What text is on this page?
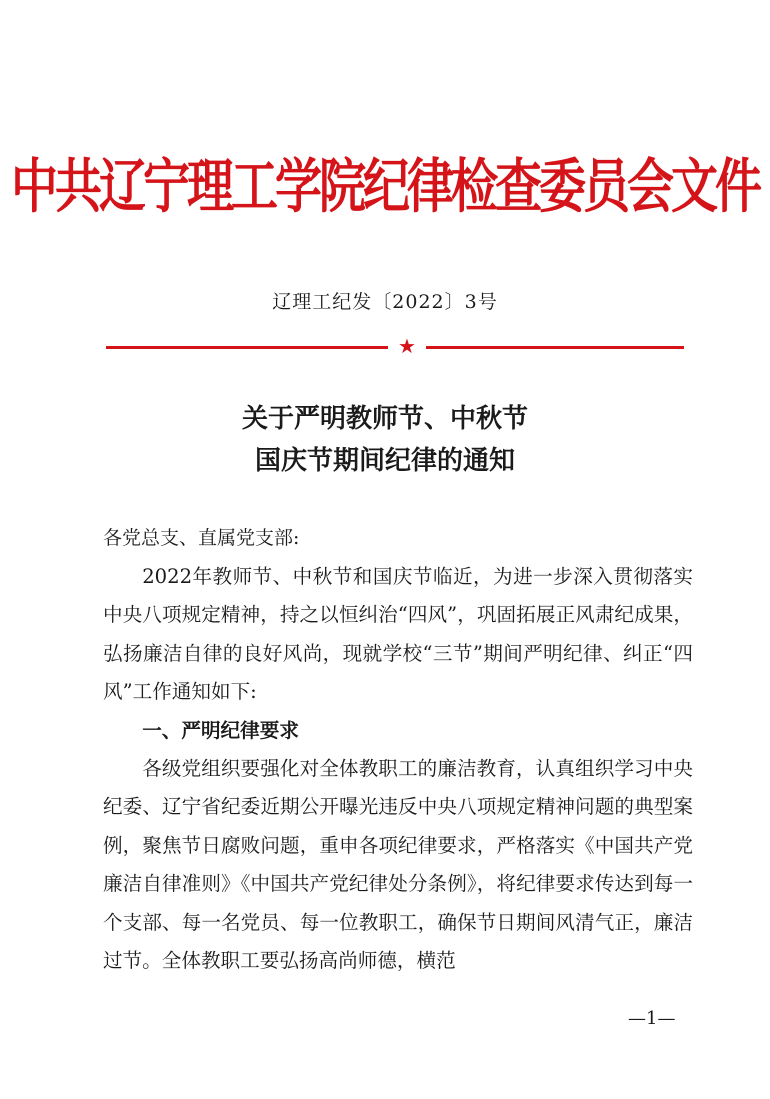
中共辽宁理工学院纪律检查委员会文件
辽理工纪发〔2022〕3号
★
关于严明教师节、中秋节
国庆节期间纪律的通知
各党总支、直属党支部:

2022年教师节、中秋节和国庆节临近，为进一步深入贯彻落实中央八项规定精神，持之以恒纠治“四风”，巩固拓展正风肃纪成果，弘扬廉洁自律的良好风尚，现就学校“三节”期间严明纪律、纠正“四风”工作通知如下:

一、严明纪律要求

各级党组织要强化对全体教职工的廉洁教育，认真组织学习中央纪委、辽宁省纪委近期公开曝光违反中央八项规定精神问题的典型案例，聚焦节日腐败问题，重申各项纪律要求，严格落实《中国共产党廉洁自律准则》《中国共产党纪律处分条例》，将纪律要求传达到每一个支部、每一名党员、每一位教职工，确保节日期间风清气正，廉洁过节。全体教职工要弘扬高尚师德，横范

—1—
